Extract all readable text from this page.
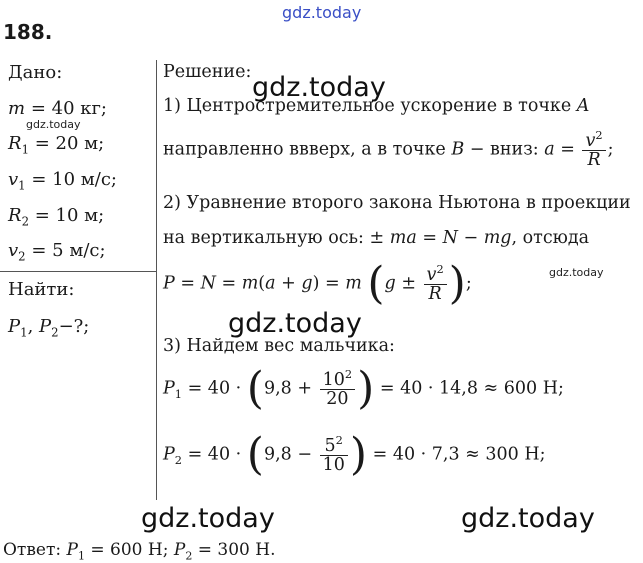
gdz.today
gdz.today
gdz.today
gdz.today
gdz.today
gdz.today	gdz.today
188.
Дано:
m = 40 кг;
$R_1 = 20$ м;
$v_1 = 10$ м/с;
$R_2 = 10$ м;
$v_2 = 5$ м/с;
Найти:
$P_1$, $P_2-$?;
Решение:
1) Центростремительное ускорение в точке A
направленно ввверх, а в точке B − вниз: $a = \frac{v^2}{R}$ ;
2) Уравнение второго закона Ньютона в проекции
на вертикальную ось: ± ma = N − mg, отсюда
P = N = m(a + g) = m ($g \pm \frac{v^2}{R}$ );
3) Найдем вес мальчика:
$P_1 = 40 \cdot (9,8 + \frac{10^2}{20}$ ) = 40 · 14,8 ≈ 600 Н;
$P_2 = 40 \cdot (9,8 - \frac{5^2}{10}$ ) = 40 · 7,3 ≈ 300 Н;
Ответ: $P_1 = 600$ Н; $P_2 = 300$ Н.
